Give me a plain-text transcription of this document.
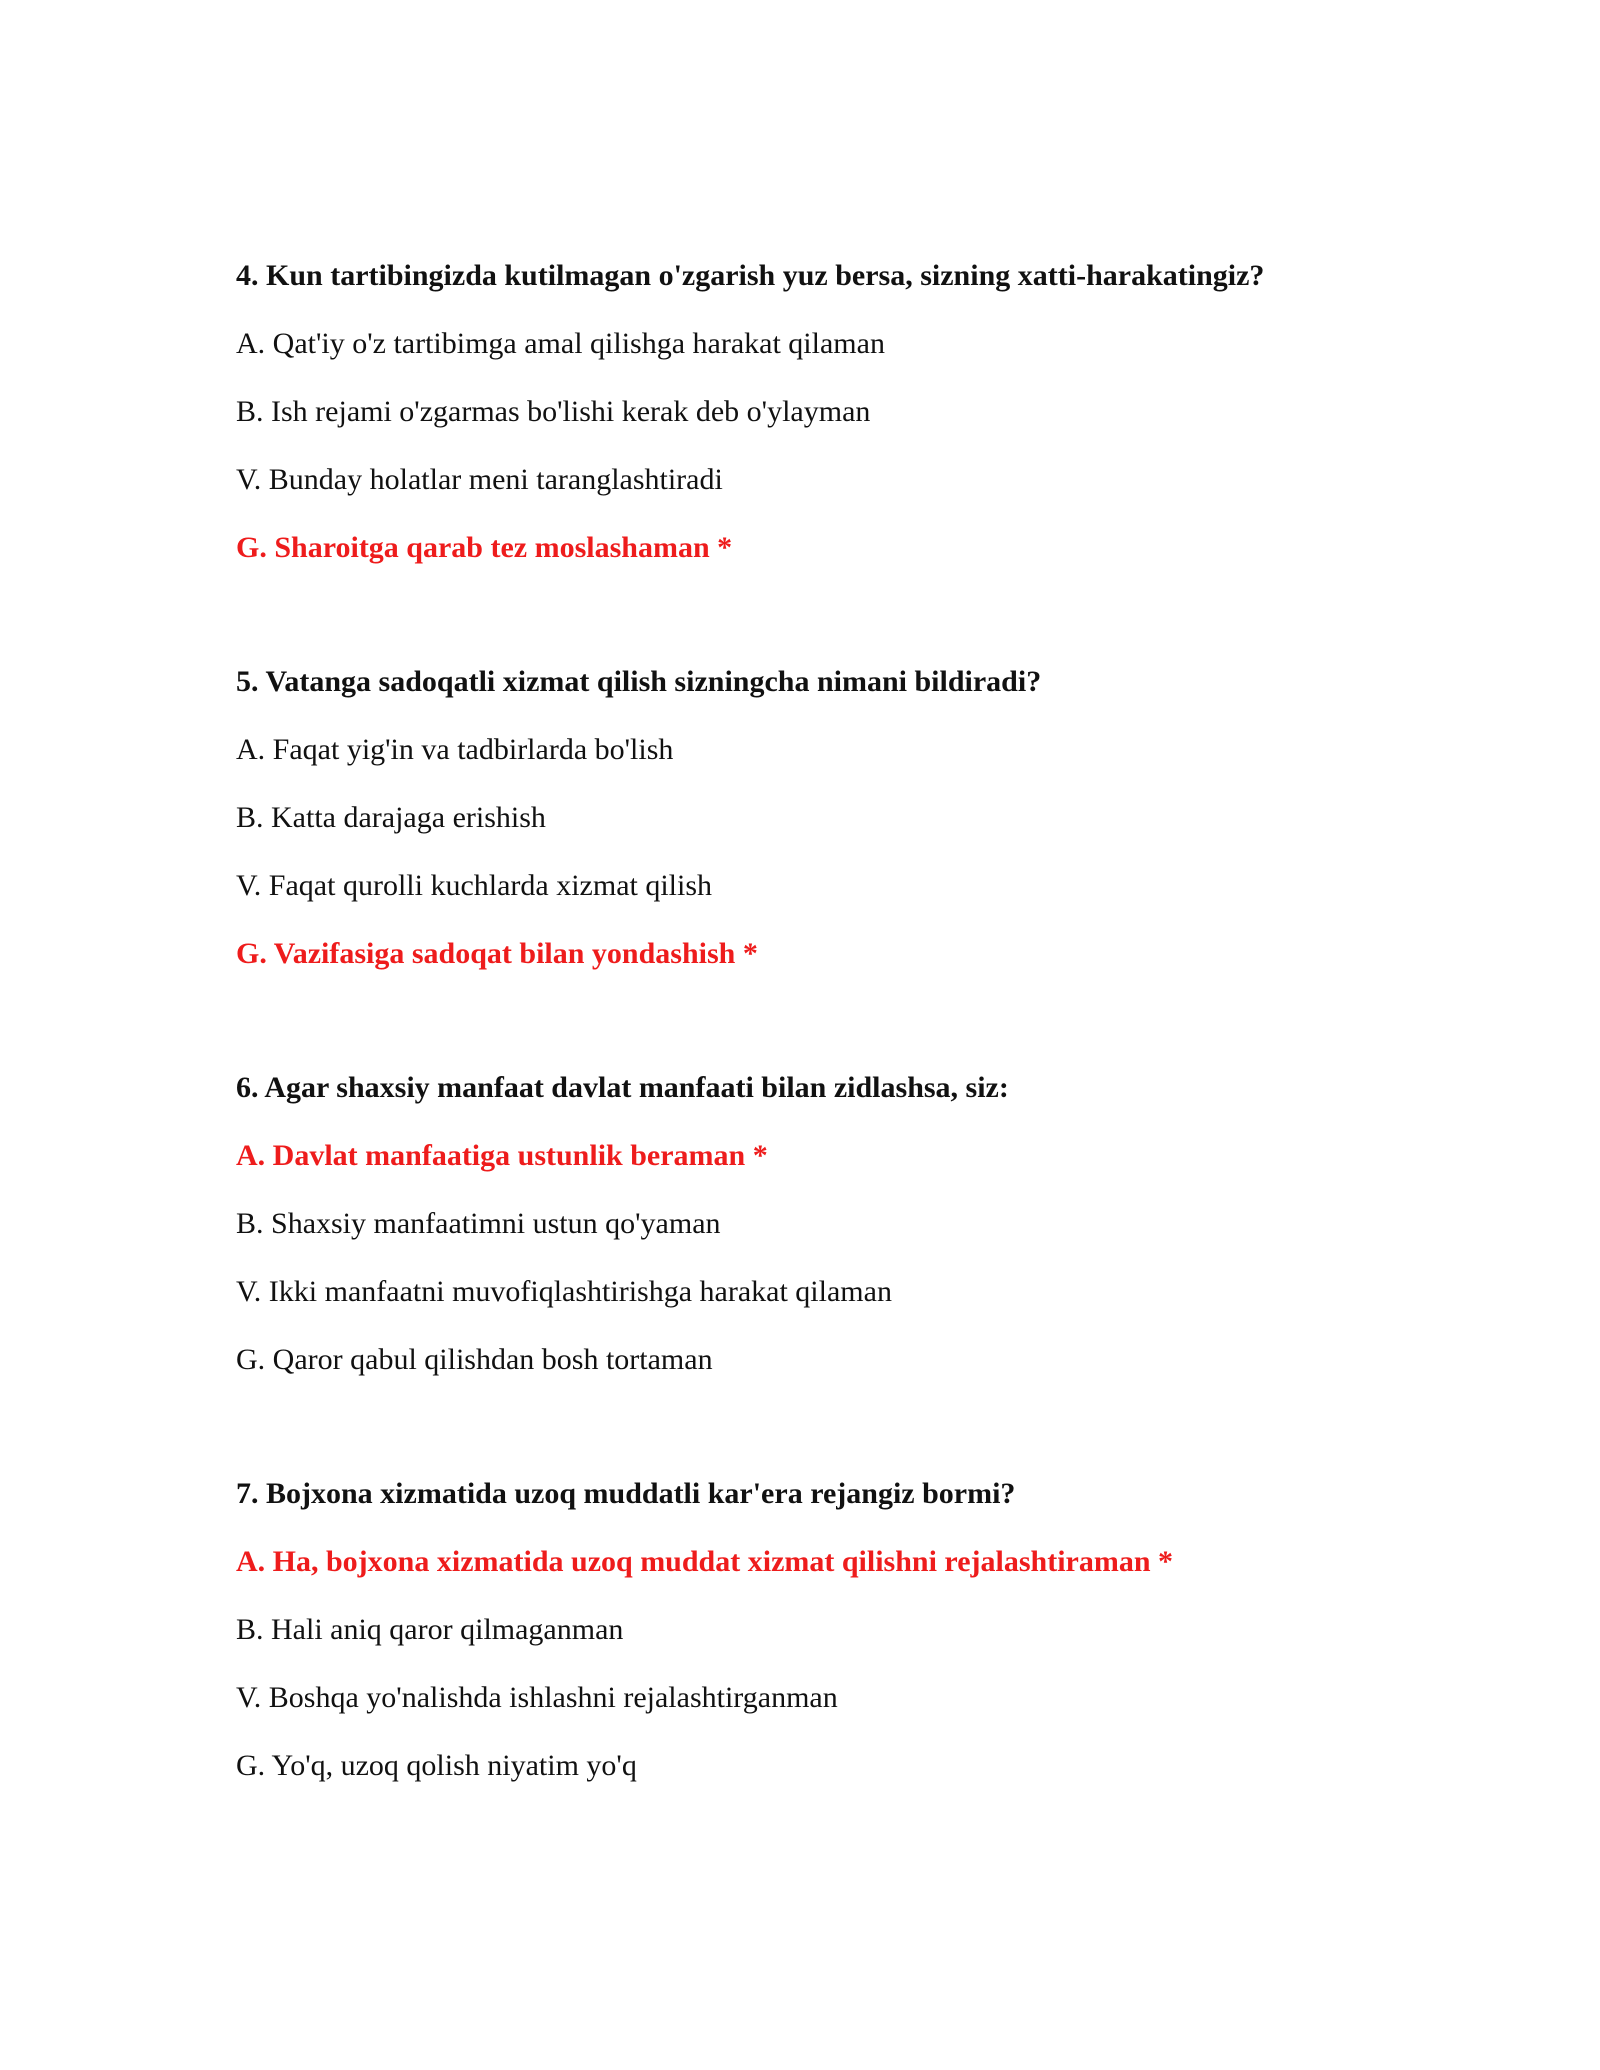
4. Kun tartibingizda kutilmagan o'zgarish yuz bersa, sizning xatti-harakatingiz?
A. Qat'iy o'z tartibimga amal qilishga harakat qilaman
B. Ish rejami o'zgarmas bo'lishi kerak deb o'ylayman
V. Bunday holatlar meni taranglashtiradi
G. Sharoitga qarab tez moslashaman *
5. Vatanga sadoqatli xizmat qilish sizningcha nimani bildiradi?
A. Faqat yig'in va tadbirlarda bo'lish
B. Katta darajaga erishish
V. Faqat qurolli kuchlarda xizmat qilish
G. Vazifasiga sadoqat bilan yondashish *
6. Agar shaxsiy manfaat davlat manfaati bilan zidlashsa, siz:
A. Davlat manfaatiga ustunlik beraman *
B. Shaxsiy manfaatimni ustun qo'yaman
V. Ikki manfaatni muvofiqlashtirishga harakat qilaman
G. Qaror qabul qilishdan bosh tortaman
7. Bojxona xizmatida uzoq muddatli kar'era rejangiz bormi?
A. Ha, bojxona xizmatida uzoq muddat xizmat qilishni rejalashtiraman *
B. Hali aniq qaror qilmaganman
V. Boshqa yo'nalishda ishlashni rejalashtirganman
G. Yo'q, uzoq qolish niyatim yo'q
